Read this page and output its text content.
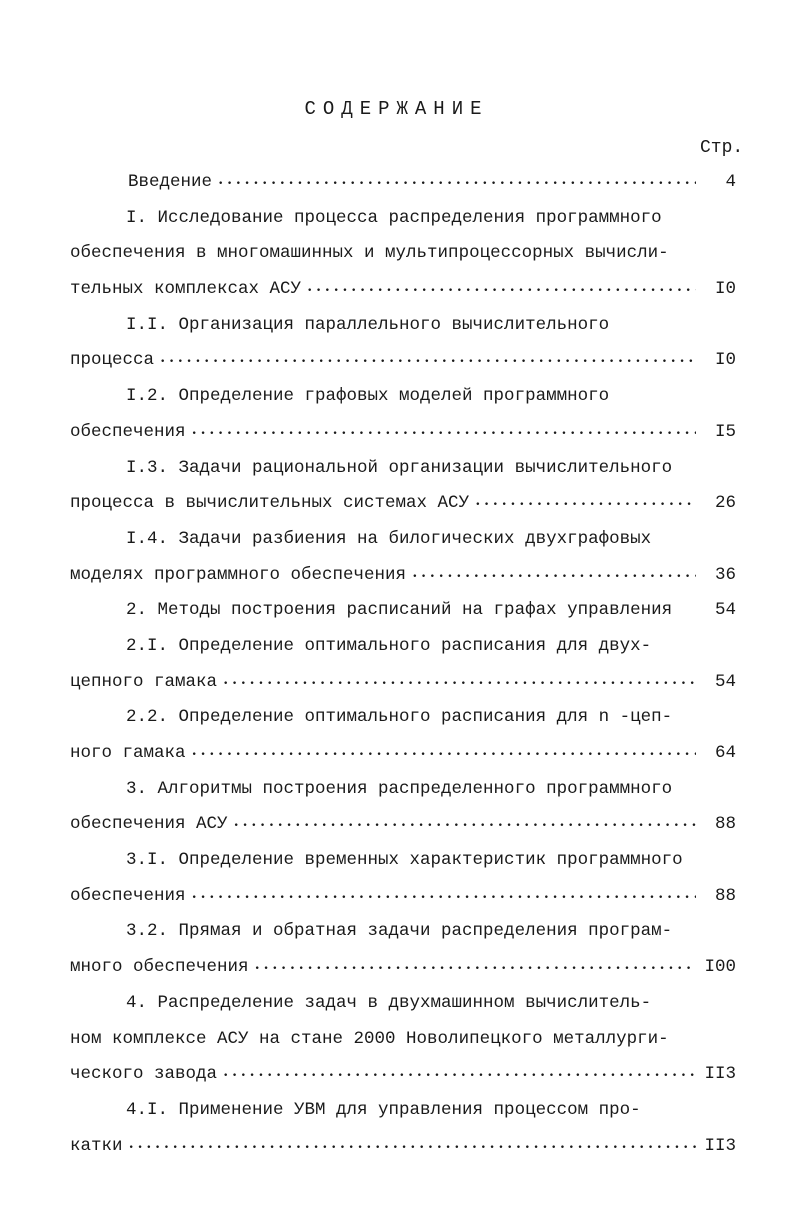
СОДЕРЖАНИЕ
Стр.
Введение • • •	4
I. Исследование процесса распределения программного
обеспечения в многомашинных и мультипроцессорных вычисли-
тельных комплексах АСУ • • •	I0
I.I. Организация параллельного вычислительного
процесса • • •	I0
I.2. Определение графовых моделей программного
обеспечения • • •	I5
I.3. Задачи рациональной организации вычислительного
процесса в вычислительных системах АСУ • • •	26
I.4. Задачи разбиения на билогических двухграфовых
моделях программного обеспечения • • •	36
2. Методы построения расписаний на графах управления	54
2.I. Определение оптимального расписания для двух-
цепного гамака • • •	54
2.2. Определение оптимального расписания для n -цеп-
ного гамака • • •	64
3. Алгоритмы построения распределенного программного
обеспечения АСУ • • •	88
3.I. Определение временных характеристик программного
обеспечения • • •	88
3.2. Прямая и обратная задачи распределения програм-
много обеспечения • • •	I00
4. Распределение задач в двухмашинном вычислитель-
ном комплексе АСУ на стане 2000 Новолипецкого металлурги-
ческого завода • • •	II3
4.I. Применение УВМ для управления процессом про-
катки • • •	II3
